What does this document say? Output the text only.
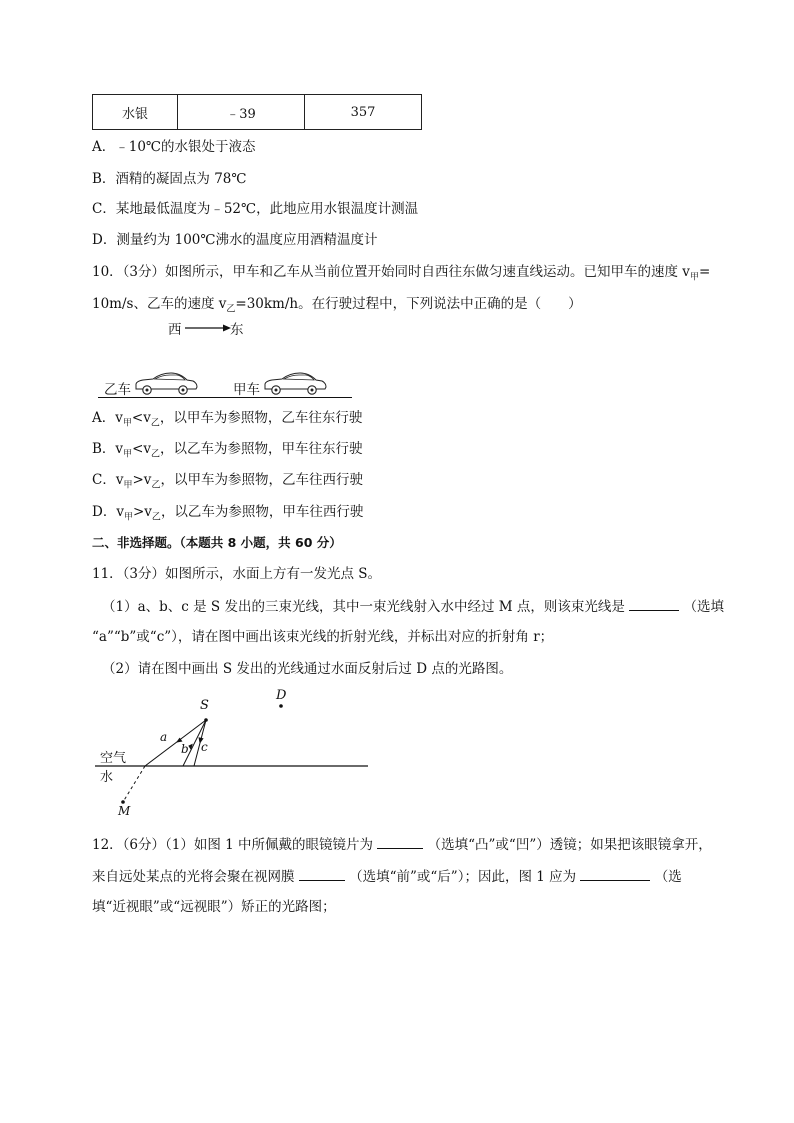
水银	﹣39	357
A．﹣10℃的水银处于液态
B．酒精的凝固点为 78℃
C．某地最低温度为﹣52℃，此地应用水银温度计测温
D．测量约为 100℃沸水的温度应用酒精温度计
10．（3分）如图所示，甲车和乙车从当前位置开始同时自西往东做匀速直线运动。已知甲车的速度 $v_甲=$
10m/s、乙车的速度 $v_乙=30km/h$。在行驶过程中，下列说法中正确的是（　　）
西	东
乙车	甲车
A．$v_甲<v_乙$，以甲车为参照物，乙车往东行驶
B．$v_甲<v_乙$，以乙车为参照物，甲车往东行驶
C．$v_甲>v_乙$，以甲车为参照物，乙车往西行驶
D．$v_甲>v_乙$，以乙车为参照物，甲车往西行驶
二、非选择题。（本题共 8 小题，共 60 分）
11．（3分）如图所示，水面上方有一发光点 S。
（1）a、b、c 是 S 发出的三束光线，其中一束光线射入水中经过 M 点，则该束光线是	（选填
“a”“b”或“c”），请在图中画出该束光线的折射光线，并标出对应的折射角 r；
（2）请在图中画出 S 发出的光线通过水面反射后过 D 点的光路图。
S
D
a
b c
M
空气
水
12．（6分）（1）如图 1 中所佩戴的眼镜镜片为	（选填“凸”或“凹”）透镜；如果把该眼镜拿开，
来自远处某点的光将会聚在视网膜	（选填“前”或“后”）；因此，图 1 应为	（选
填“近视眼”或“远视眼”）矫正的光路图；
